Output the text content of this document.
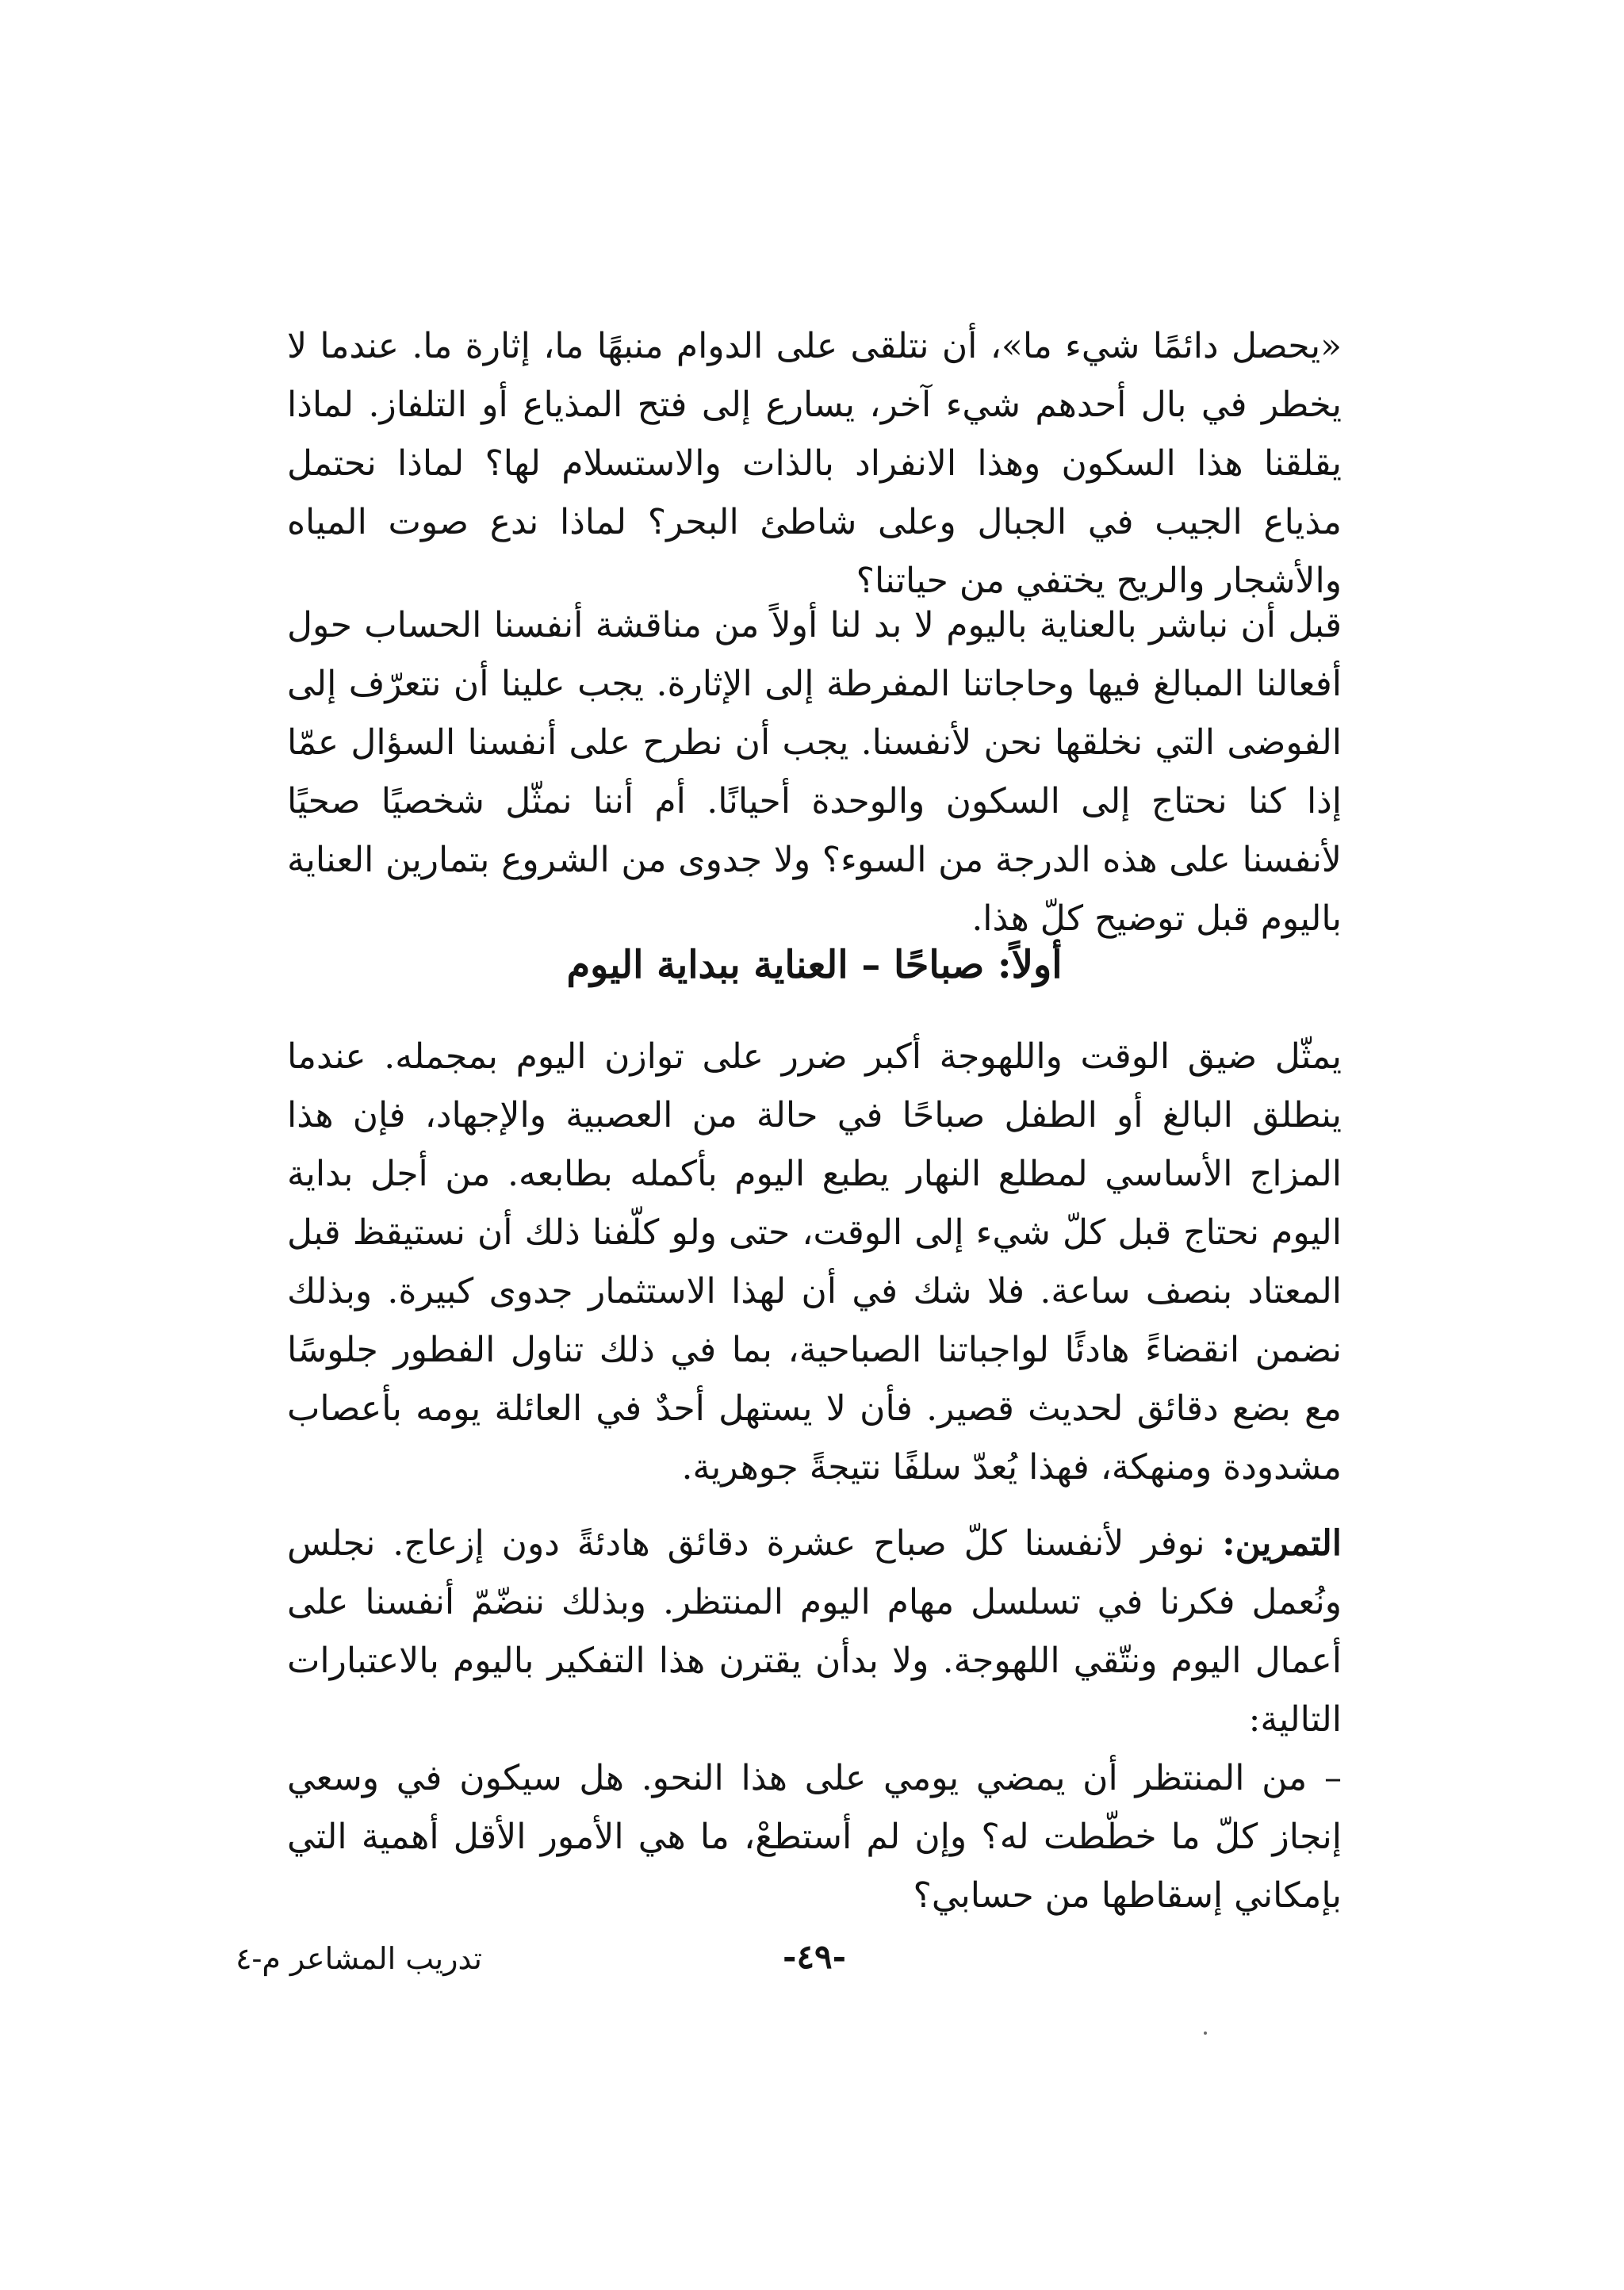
«يحصل دائمًا شيء ما»، أن نتلقى على الدوام منبهًا ما، إثارة ما. عندما لا يخطر في بال أحدهم شيء آخر، يسارع إلى فتح المذياع أو التلفاز. لماذا يقلقنا هذا السكون وهذا الانفراد بالذات والاستسلام لها؟ لماذا نحتمل مذياع الجيب في الجبال وعلى شاطئ البحر؟ لماذا ندع صوت المياه والأشجار والريح يختفي من حياتنا؟

قبل أن نباشر بالعناية باليوم لا بد لنا أولاً من مناقشة أنفسنا الحساب حول أفعالنا المبالغ فيها وحاجاتنا المفرطة إلى الإثارة. يجب علينا أن نتعرّف إلى الفوضى التي نخلقها نحن لأنفسنا. يجب أن نطرح على أنفسنا السؤال عمّا إذا كنا نحتاج إلى السكون والوحدة أحيانًا. أم أننا نمثّل شخصيًا صحيًا لأنفسنا على هذه الدرجة من السوء؟ ولا جدوى من الشروع بتمارين العناية باليوم قبل توضيح كلّ هذا.

أولاً: صباحًا – العناية ببداية اليوم

يمثّل ضيق الوقت واللهوجة أكبر ضرر على توازن اليوم بمجمله. عندما ينطلق البالغ أو الطفل صباحًا في حالة من العصبية والإجهاد، فإن هذا المزاج الأساسي لمطلع النهار يطبع اليوم بأكمله بطابعه. من أجل بداية اليوم نحتاج قبل كلّ شيء إلى الوقت، حتى ولو كلّفنا ذلك أن نستيقظ قبل المعتاد بنصف ساعة. فلا شك في أن لهذا الاستثمار جدوى كبيرة. وبذلك نضمن انقضاءً هادئًا لواجباتنا الصباحية، بما في ذلك تناول الفطور جلوسًا مع بضع دقائق لحديث قصير. فأن لا يستهل أحدٌ في العائلة يومه بأعصاب مشدودة ومنهكة، فهذا يُعدّ سلفًا نتيجةً جوهرية.

التمرين: نوفر لأنفسنا كلّ صباح عشرة دقائق هادئةً دون إزعاج. نجلس ونُعمل فكرنا في تسلسل مهام اليوم المنتظر. وبذلك ننضّمّ أنفسنا على أعمال اليوم ونتّقي اللهوجة. ولا بدأن يقترن هذا التفكير باليوم بالاعتبارات التالية:

– من المنتظر أن يمضي يومي على هذا النحو. هل سيكون في وسعي إنجاز كلّ ما خطّطت له؟ وإن لم أستطعْ، ما هي الأمور الأقل أهمية التي بإمكاني إسقاطها من حسابي؟

تدريب المشاعر م-٤	-٤٩-
